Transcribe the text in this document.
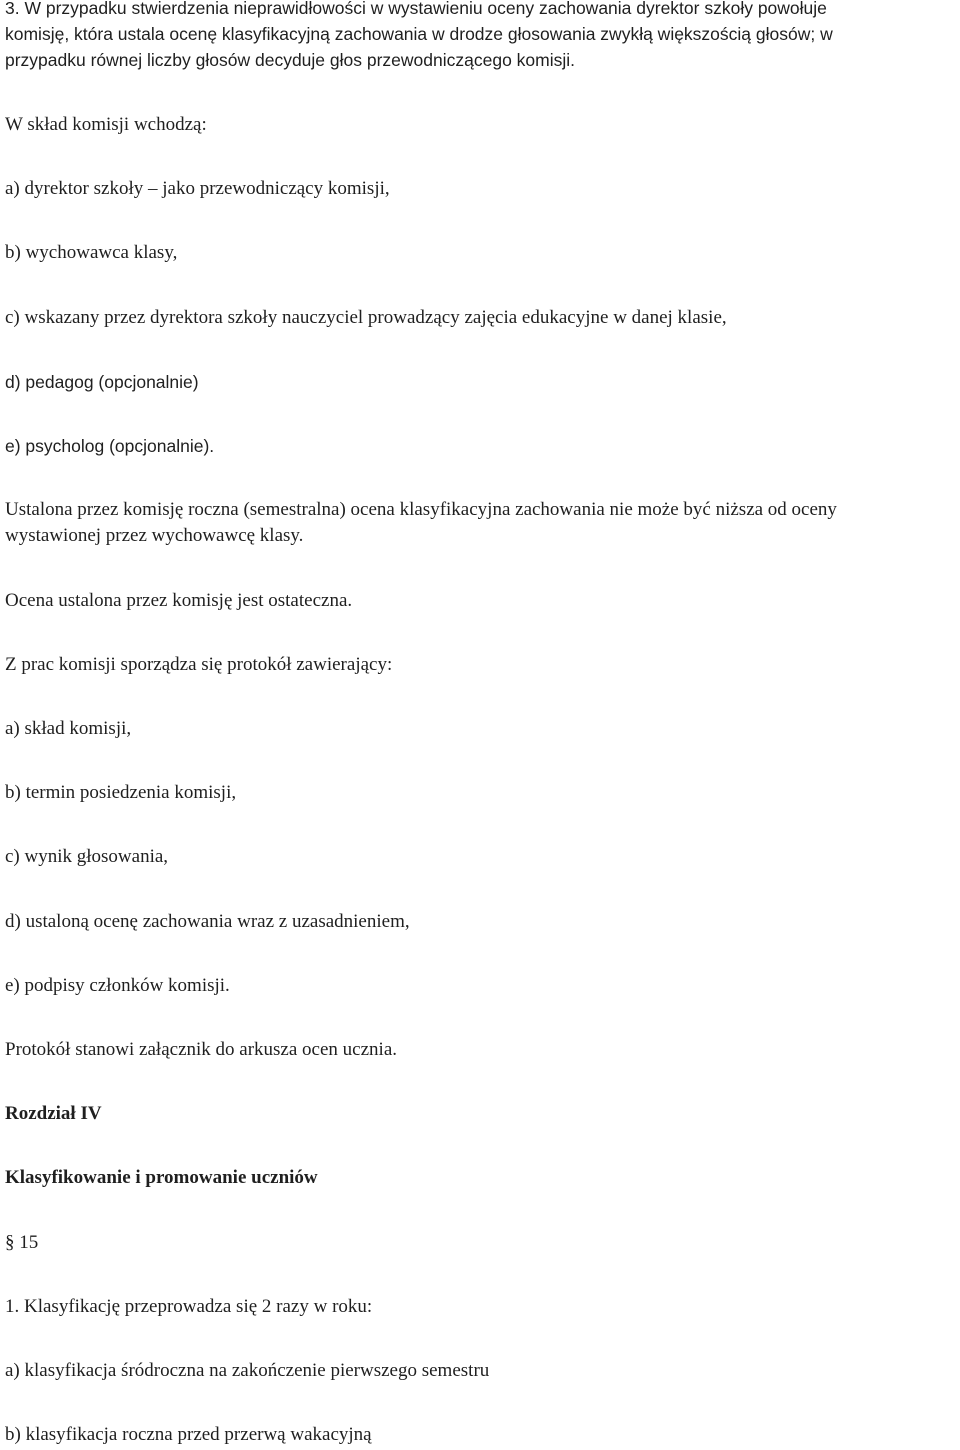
3. W przypadku stwierdzenia nieprawidłowości w wystawieniu oceny zachowania dyrektor szkoły powołuje

komisję, która ustala ocenę klasyfikacyjną zachowania w drodze głosowania zwykłą większością głosów; w

przypadku równej liczby głosów decyduje głos przewodniczącego komisji.

W skład komisji wchodzą:

a) dyrektor szkoły – jako przewodniczący komisji,

b) wychowawca klasy,

c) wskazany przez dyrektora szkoły nauczyciel prowadzący zajęcia edukacyjne w danej klasie,

d) pedagog (opcjonalnie)

e) psycholog (opcjonalnie).

Ustalona przez komisję roczna (semestralna) ocena klasyfikacyjna zachowania nie może być niższa od oceny

wystawionej przez wychowawcę klasy.

Ocena ustalona przez komisję jest ostateczna.

Z prac komisji sporządza się protokół zawierający:

a) skład komisji,

b) termin posiedzenia komisji,

c) wynik głosowania,

d) ustaloną ocenę zachowania wraz z uzasadnieniem,

e) podpisy członków komisji.

Protokół stanowi załącznik do arkusza ocen ucznia.

Rozdział IV

Klasyfikowanie i promowanie uczniów

§ 15

1. Klasyfikację przeprowadza się 2 razy w roku:

a) klasyfikacja śródroczna na zakończenie pierwszego semestru

b) klasyfikacja roczna przed przerwą wakacyjną
